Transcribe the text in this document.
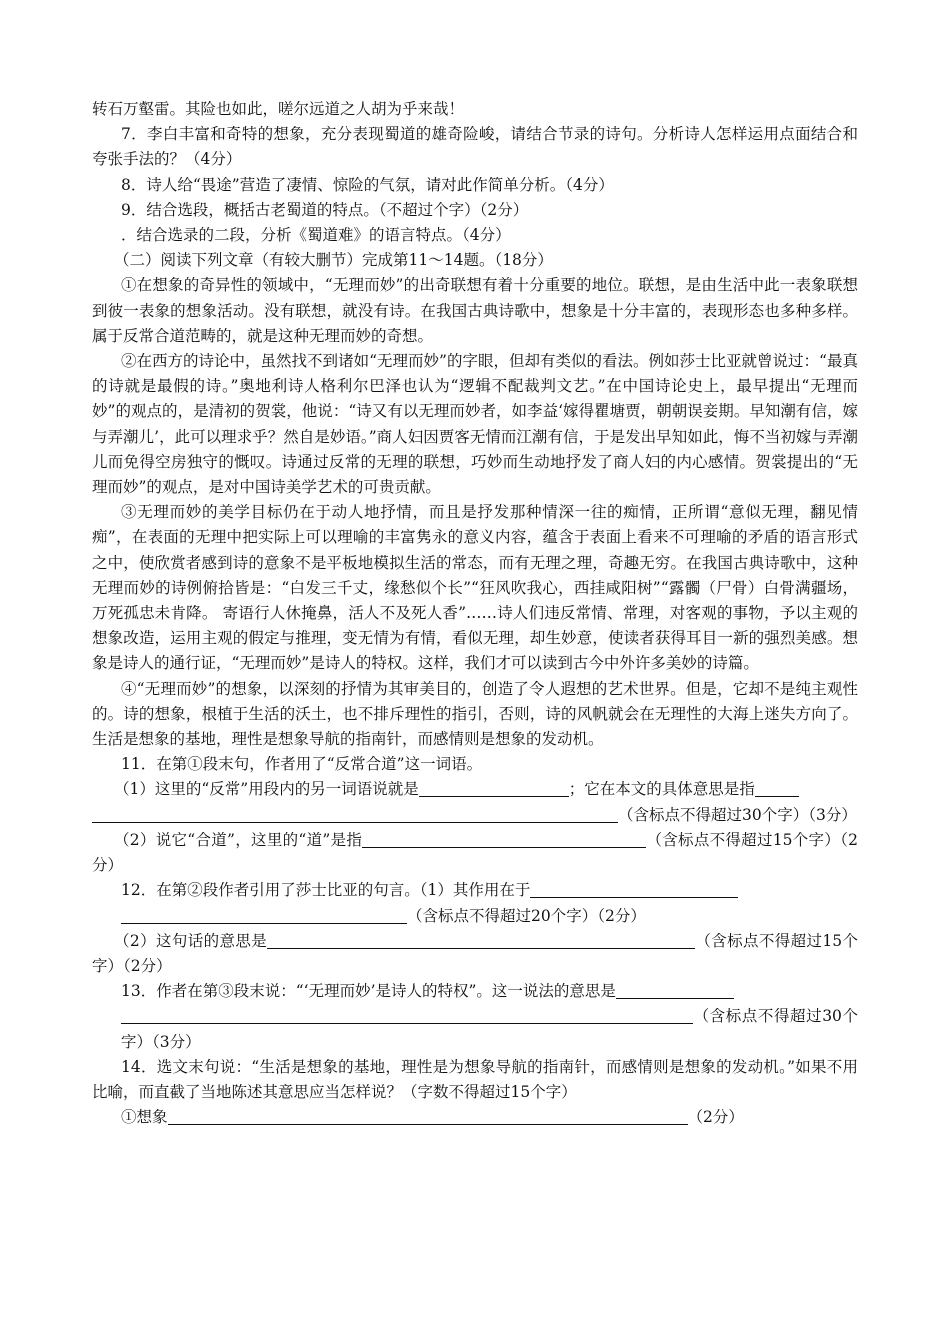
转石万壑雷。其险也如此，嗟尔远道之人胡为乎来哉！

7．李白丰富和奇特的想象，充分表现蜀道的雄奇险峻，请结合节录的诗句。分析诗人怎样运用点面结合和夸张手法的？（4分）

8．诗人给“畏途”营造了凄情、惊险的气氛，请对此作简单分析。（4分）

9．结合选段，概括古老蜀道的特点。（不超过个字）（2分）

．结合选录的二段，分析《蜀道难》的语言特点。（4分）

（二）阅读下列文章（有较大删节）完成第11～14题。（18分）

①在想象的奇异性的领域中，“无理而妙”的出奇联想有着十分重要的地位。联想，是由生活中此一表象联想到彼一表象的想象活动。没有联想，就没有诗。在我国古典诗歌中，想象是十分丰富的，表现形态也多种多样。属于反常合道范畴的，就是这种无理而妙的奇想。

②在西方的诗论中，虽然找不到诸如“无理而妙”的字眼，但却有类似的看法。例如莎士比亚就曾说过：“最真的诗就是最假的诗。”奥地利诗人格利尔巴泽也认为“逻辑不配裁判文艺。”在中国诗论史上，最早提出“无理而妙”的观点的，是清初的贺裳，他说：“诗又有以无理而妙者，如李益‘嫁得瞿塘贾，朝朝误妾期。早知潮有信，嫁与弄潮儿’，此可以理求乎？然自是妙语。”商人妇因贾客无情而江潮有信，于是发出早知如此，悔不当初嫁与弄潮儿而免得空房独守的慨叹。诗通过反常的无理的联想，巧妙而生动地抒发了商人妇的内心感情。贺裳提出的“无理而妙”的观点，是对中国诗美学艺术的可贵贡献。

③无理而妙的美学目标仍在于动人地抒情，而且是抒发那种情深一往的痴情，正所谓“意似无理，翻见情痴”，在表面的无理中把实际上可以理喻的丰富隽永的意义内容，蕴含于表面上看来不可理喻的矛盾的语言形式之中，使欣赏者感到诗的意象不是平板地模拟生活的常态，而有无理之理，奇趣无穷。在我国古典诗歌中，这种无理而妙的诗例俯拾皆是：“白发三千丈，缘愁似个长”“狂风吹我心，西挂咸阳树”“露髑（尸骨）白骨满疆场，万死孤忠未肯降。 寄语行人休掩鼻，活人不及死人香”……诗人们违反常情、常理，对客观的事物，予以主观的想象改造，运用主观的假定与推理，变无情为有情，看似无理，却生妙意，使读者获得耳目一新的强烈美感。想象是诗人的通行证，“无理而妙”是诗人的特权。这样，我们才可以读到古今中外许多美妙的诗篇。

④“无理而妙”的想象，以深刻的抒情为其审美目的，创造了令人遐想的艺术世界。但是，它却不是纯主观性的。诗的想象，根植于生活的沃土，也不排斥理性的指引，否则，诗的风帆就会在无理性的大海上迷失方向了。生活是想象的基地，理性是想象导航的指南针，而感情则是想象的发动机。

11．在第①段末句，作者用了“反常合道”这一词语。

（1）这里的“反常”用段内的另一词语说就是	；它在本文的具体意思是指

（含标点不得超过30个字）（3分）

（2）说它“合道”，这里的“道”是指	（含标点不得超过15个字）（2分）

12．在第②段作者引用了莎士比亚的句言。（1）其作用在于

（含标点不得超过20个字）（2分）

（2）这句话的意思是	（含标点不得超过15个字）（2分）

13．作者在第③段末说：“‘无理而妙’是诗人的特权”。这一说法的意思是

（含标点不得超过30个字）（3分）

14．选文末句说：“生活是想象的基地，理性是为想象导航的指南针，而感情则是想象的发动机。”如果不用比喻，而直截了当地陈述其意思应当怎样说？（字数不得超过15个字）

①想象	（2分）
